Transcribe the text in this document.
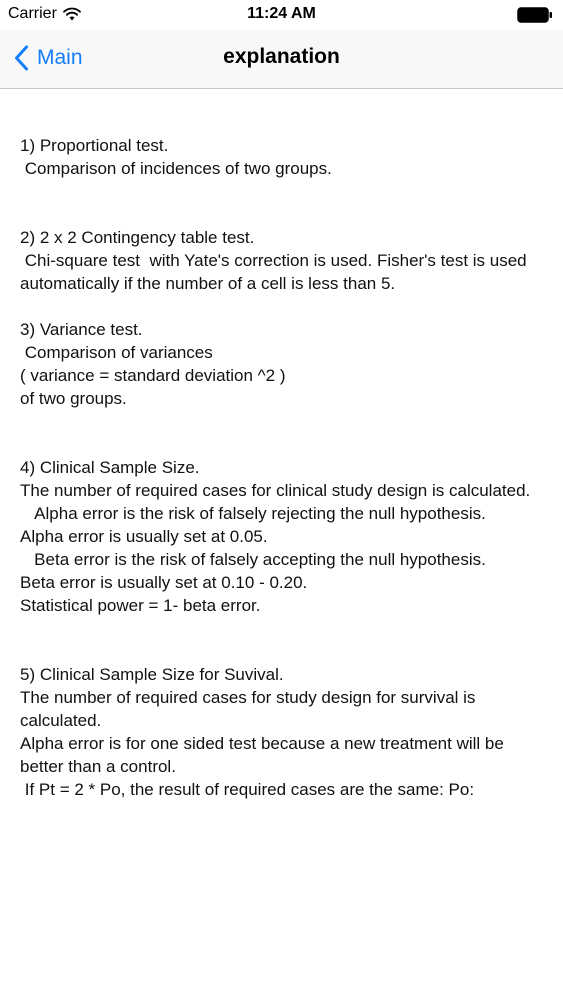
Carrier	11:24 AM
Main	explanation
1) Proportional test.
Comparison of incidences of two groups.

2) 2 x 2 Contingency table test.
Chi-square test  with Yate's correction is used. Fisher's test is used automatically if the number of a cell is less than 5.

3) Variance test.
Comparison of variances
( variance = standard deviation ^2 )
of two groups.

4) Clinical Sample Size.
The number of required cases for clinical study design is calculated.
Alpha error is the risk of falsely rejecting the null hypothesis.
Alpha error is usually set at 0.05.
Beta error is the risk of falsely accepting the null hypothesis.
Beta error is usually set at 0.10 - 0.20.
Statistical power = 1- beta error.

5) Clinical Sample Size for Suvival.
The number of required cases for study design for survival is calculated.
Alpha error is for one sided test because a new treatment will be better than a control.
If Pt = 2 * Po, the result of required cases are the same: Po:
